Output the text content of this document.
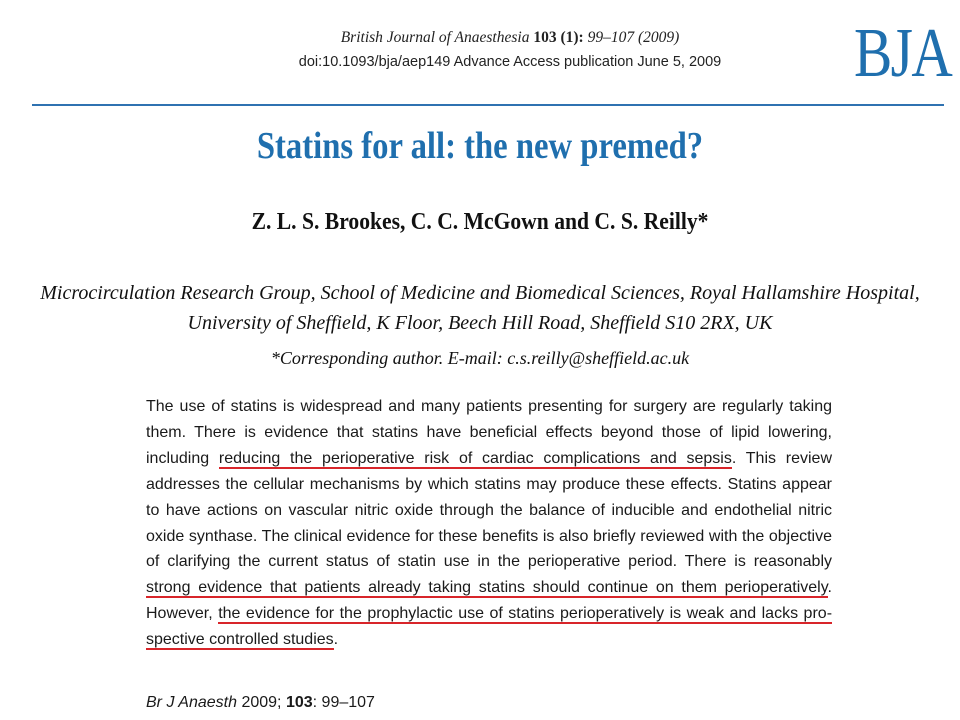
British Journal of Anaesthesia 103 (1): 99–107 (2009)
doi:10.1093/bja/aep149 Advance Access publication June 5, 2009	BJA
Statins for all: the new premed?
Z. L. S. Brookes, C. C. McGown and C. S. Reilly*
Microcirculation Research Group, School of Medicine and Biomedical Sciences, Royal Hallamshire Hospital,
University of Sheffield, K Floor, Beech Hill Road, Sheffield S10 2RX, UK
*Corresponding author. E-mail: c.s.reilly@sheffield.ac.uk
The use of statins is widespread and many patients presenting for surgery are regularly taking them. There is evidence that statins have beneficial effects beyond those of lipid lowering, including reducing the perioperative risk of cardiac complications and sepsis. This review addresses the cellular mechanisms by which statins may produce these effects. Statins appear to have actions on vascular nitric oxide through the balance of inducible and endothelial nitric oxide synthase. The clinical evidence for these benefits is also briefly reviewed with the objective of clarifying the current status of statin use in the perioperative period. There is reasonably strong evidence that patients already taking statins should continue on them perioperatively. However, the evidence for the prophylactic use of statins perioperatively is weak and lacks prospective controlled studies.
Br J Anaesth 2009; 103: 99–107
